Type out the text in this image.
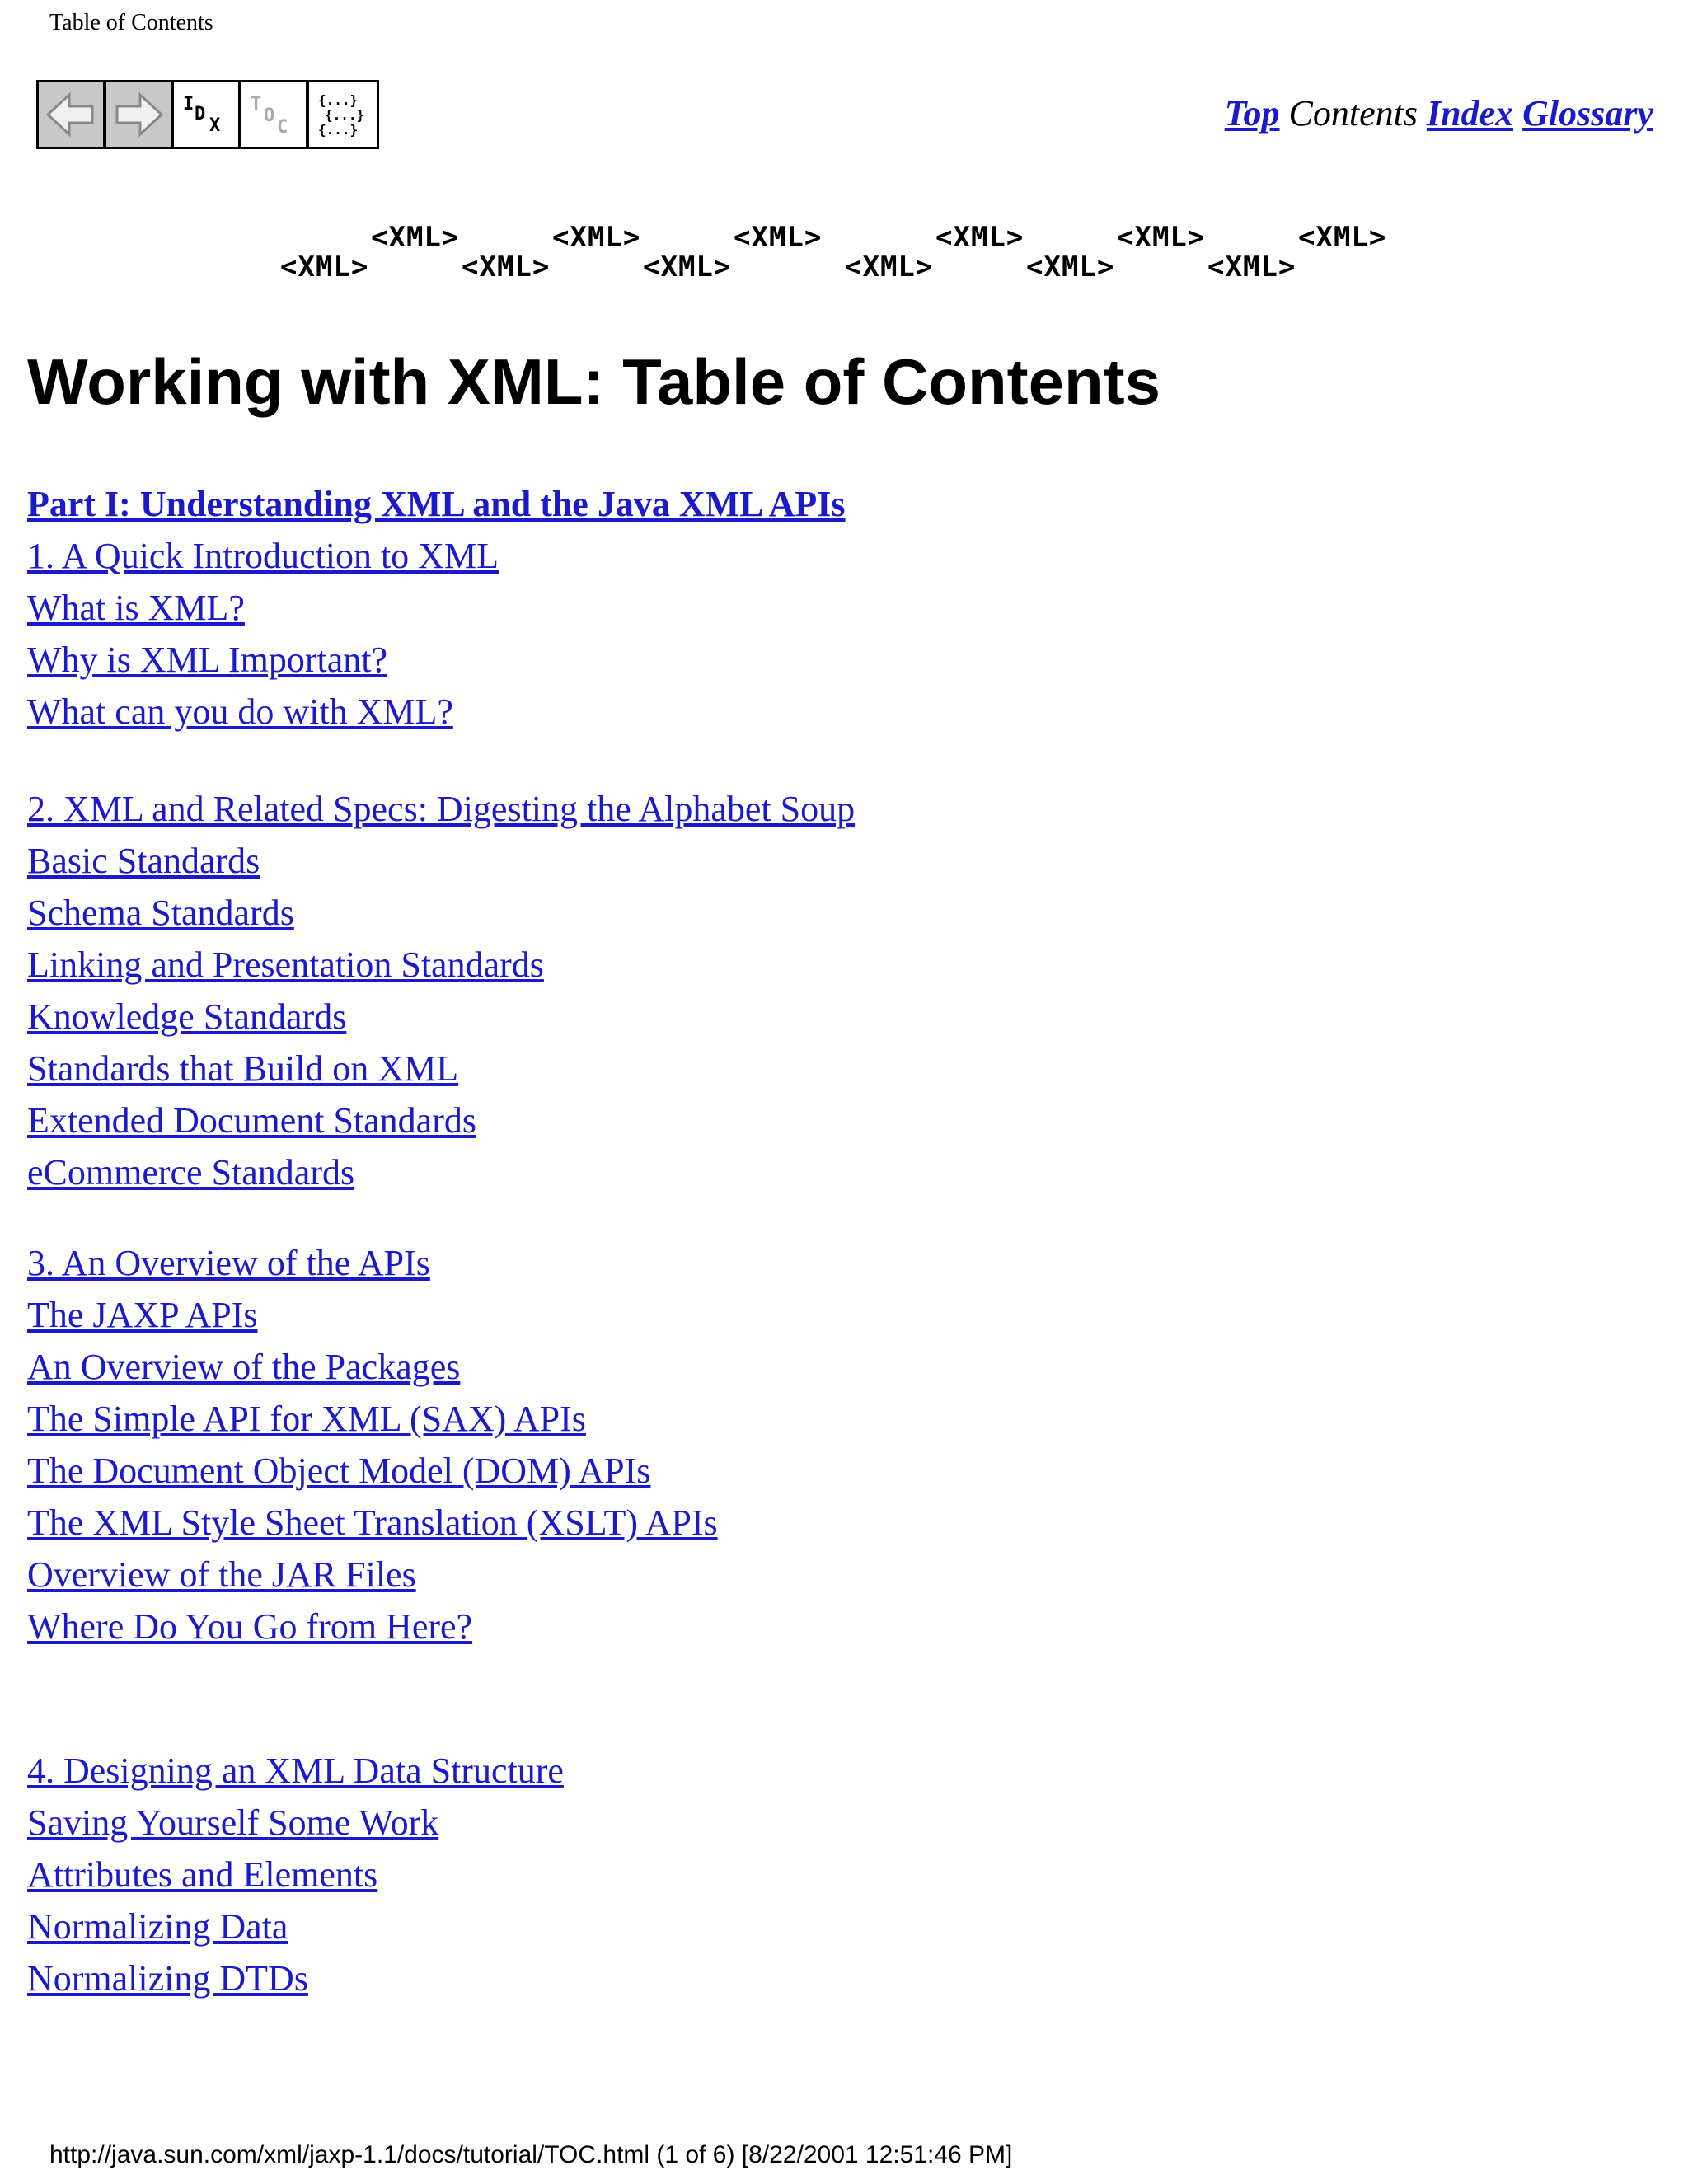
Table of Contents
I D
X
T
O
C
{...}
{...}
{...}	Top Contents Index Glossary
<XML>
<XML>
<XML>
<XML>
<XML>
<XML>
<XML>
<XML>
<XML>
<XML>
<XML>
<XML>
Working with XML: Table of Contents
Part I: Understanding XML and the Java XML APIs
1. A Quick Introduction to XML
What is XML?
Why is XML Important?
What can you do with XML?
2. XML and Related Specs: Digesting the Alphabet Soup
Basic Standards
Schema Standards
Linking and Presentation Standards
Knowledge Standards
Standards that Build on XML
Extended Document Standards
eCommerce Standards
3. An Overview of the APIs
The JAXP APIs
An Overview of the Packages
The Simple API for XML (SAX) APIs
The Document Object Model (DOM) APIs
The XML Style Sheet Translation (XSLT) APIs
Overview of the JAR Files
Where Do You Go from Here?
4. Designing an XML Data Structure
Saving Yourself Some Work
Attributes and Elements
Normalizing Data
Normalizing DTDs
http://java.sun.com/xml/jaxp-1.1/docs/tutorial/TOC.html (1 of 6) [8/22/2001 12:51:46 PM]
